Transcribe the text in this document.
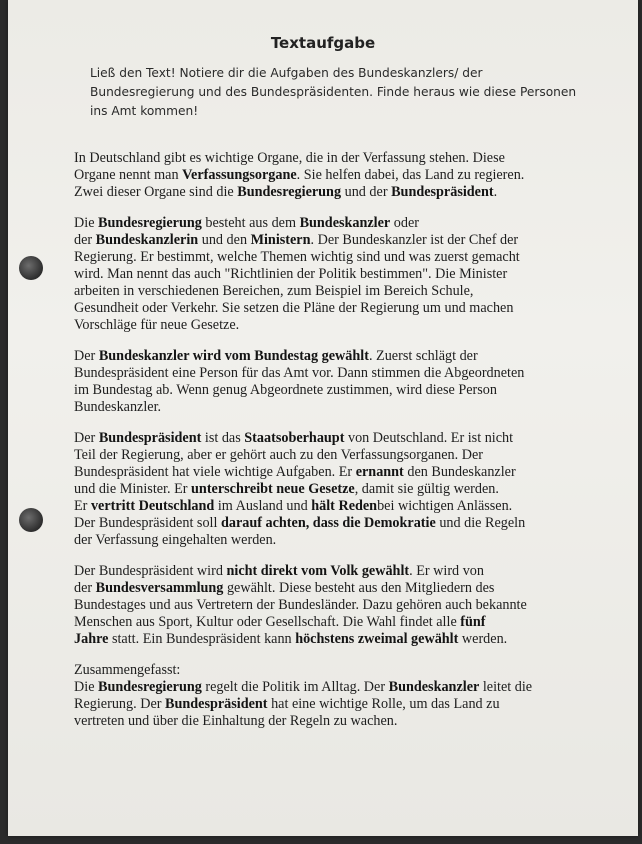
Textaufgabe
Ließ den Text! Notiere dir die Aufgaben des Bundeskanzlers/ der
Bundesregierung und des Bundespräsidenten. Finde heraus wie diese Personen
ins Amt kommen!
In Deutschland gibt es wichtige Organe, die in der Verfassung stehen. Diese
Organe nennt man Verfassungsorgane. Sie helfen dabei, das Land zu regieren.
Zwei dieser Organe sind die Bundesregierung und der Bundespräsident.
Die Bundesregierung besteht aus dem Bundeskanzler oder
der Bundeskanzlerin und den Ministern. Der Bundeskanzler ist der Chef der
Regierung. Er bestimmt, welche Themen wichtig sind und was zuerst gemacht
wird. Man nennt das auch "Richtlinien der Politik bestimmen". Die Minister
arbeiten in verschiedenen Bereichen, zum Beispiel im Bereich Schule,
Gesundheit oder Verkehr. Sie setzen die Pläne der Regierung um und machen
Vorschläge für neue Gesetze.
Der Bundeskanzler wird vom Bundestag gewählt. Zuerst schlägt der
Bundespräsident eine Person für das Amt vor. Dann stimmen die Abgeordneten
im Bundestag ab. Wenn genug Abgeordnete zustimmen, wird diese Person
Bundeskanzler.
Der Bundespräsident ist das Staatsoberhaupt von Deutschland. Er ist nicht
Teil der Regierung, aber er gehört auch zu den Verfassungsorganen. Der
Bundespräsident hat viele wichtige Aufgaben. Er ernannt den Bundeskanzler
und die Minister. Er unterschreibt neue Gesetze, damit sie gültig werden.
Er vertritt Deutschland im Ausland und hält Redenbei wichtigen Anlässen.
Der Bundespräsident soll darauf achten, dass die Demokratie und die Regeln
der Verfassung eingehalten werden.
Der Bundespräsident wird nicht direkt vom Volk gewählt. Er wird von
der Bundesversammlung gewählt. Diese besteht aus den Mitgliedern des
Bundestages und aus Vertretern der Bundesländer. Dazu gehören auch bekannte
Menschen aus Sport, Kultur oder Gesellschaft. Die Wahl findet alle fünf
Jahre statt. Ein Bundespräsident kann höchstens zweimal gewählt werden.
Zusammengefasst:
Die Bundesregierung regelt die Politik im Alltag. Der Bundeskanzler leitet die
Regierung. Der Bundespräsident hat eine wichtige Rolle, um das Land zu
vertreten und über die Einhaltung der Regeln zu wachen.
